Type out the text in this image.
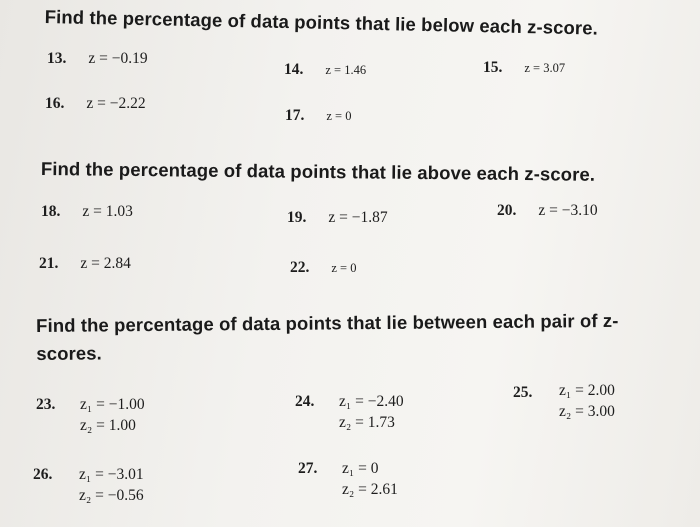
Find the percentage of data points that lie below each z-score.
13. z = −0.19
14. z = 1.46	15. z = 3.07
16. z = −2.22
17. z = 0
Find the percentage of data points that lie above each z-score.
18. z = 1.03	19. z = −1.87	20. z = −3.10
21. z = 2.84	22. z = 0
Find the percentage of data points that lie between each pair of z-scores.
23. z₁ = −1.00
z₂ = 1.00
24. z₁ = −2.40
z₂ = 1.73
25. z₁ = 2.00
z₂ = 3.00
26. z₁ = −3.01
z₂ = −0.56
27. z₁ = 0
z₂ = 2.61
